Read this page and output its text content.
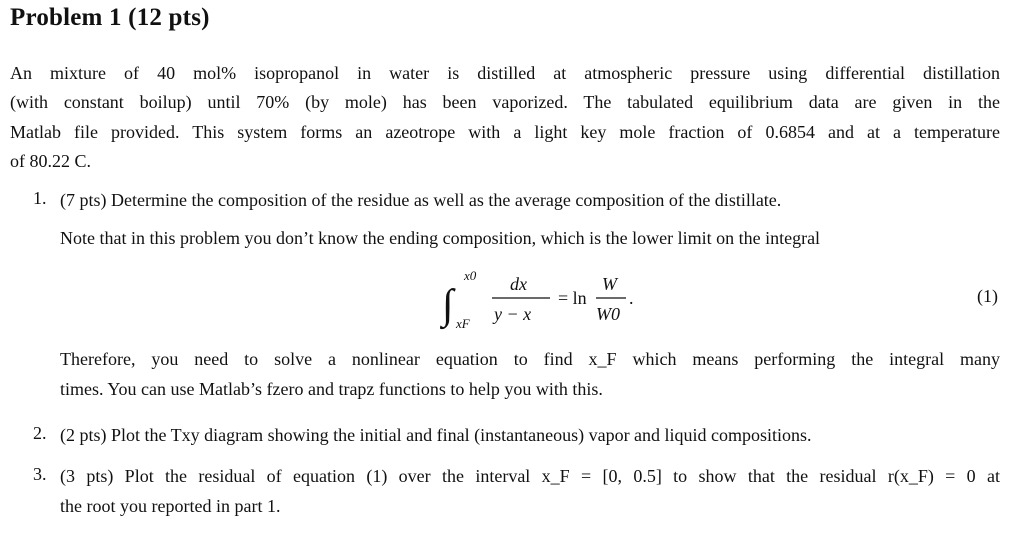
Problem 1 (12 pts)
An mixture of 40 mol% isopropanol in water is distilled at atmospheric pressure using differential distillation
(with constant boilup) until 70% (by mole) has been vaporized. The tabulated equilibrium data are given in the
Matlab file provided. This system forms an azeotrope with a light key mole fraction of 0.6854 and at a temperature
of 80.22 C.
1. (7 pts) Determine the composition of the residue as well as the average composition of the distillate.
Note that in this problem you don’t know the ending composition, which is the lower limit on the integral
∫
x0
xF
dx
y − x
= ln
W
W0
.	(1)
Therefore, you need to solve a nonlinear equation to find x_F which means performing the integral many
times. You can use Matlab’s fzero and trapz functions to help you with this.
2. (2 pts) Plot the Txy diagram showing the initial and final (instantaneous) vapor and liquid compositions.
3. (3 pts) Plot the residual of equation (1) over the interval x_F = [0, 0.5] to show that the residual r(x_F) = 0 at
the root you reported in part 1.
